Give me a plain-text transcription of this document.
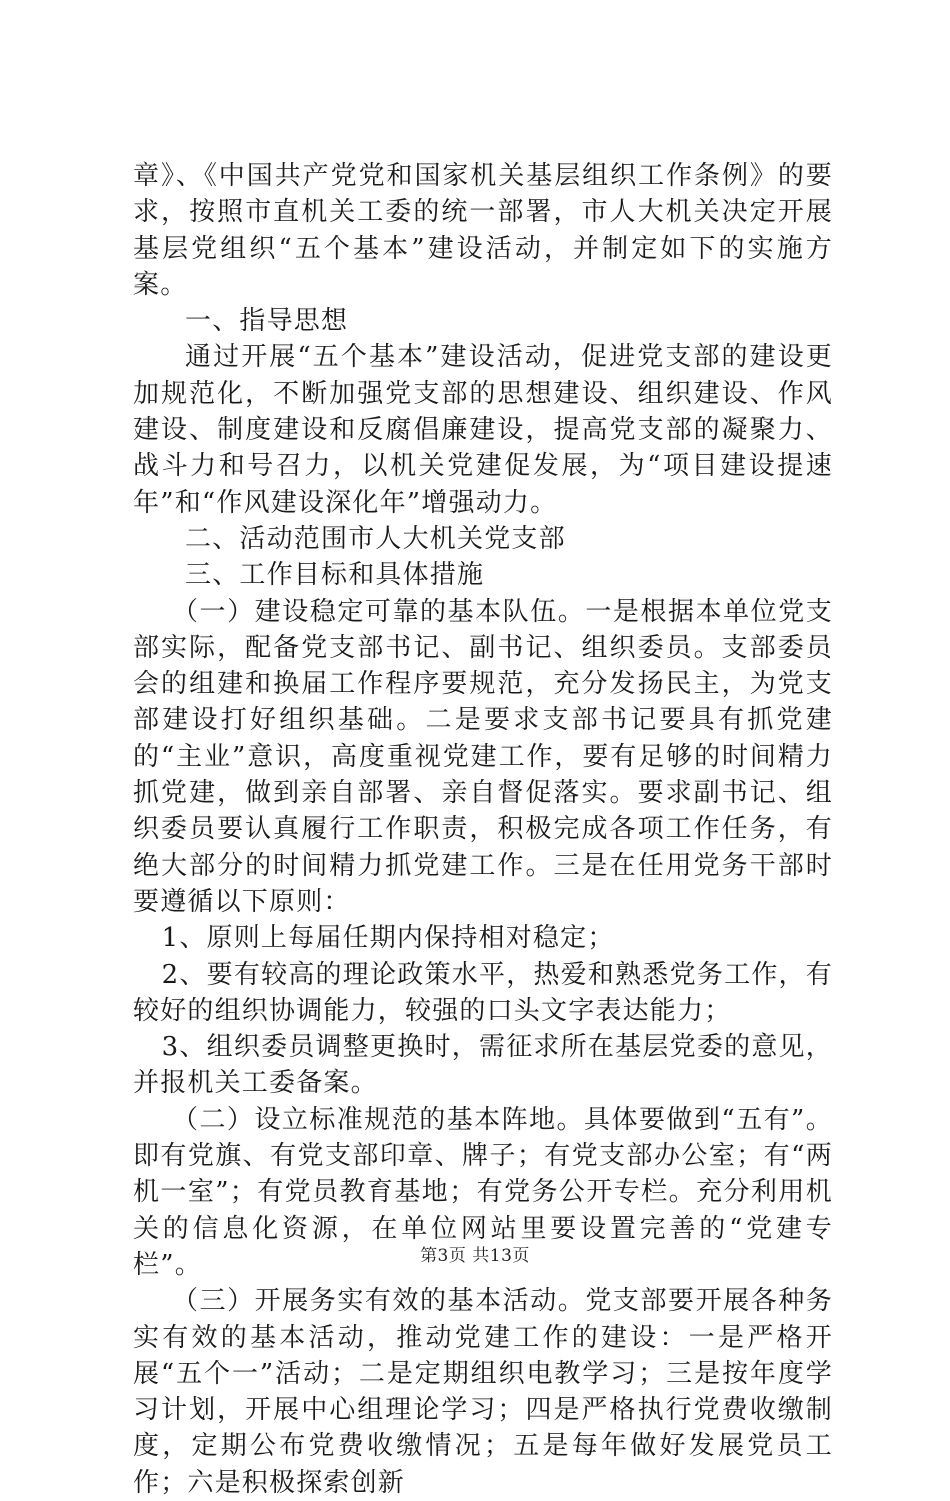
章》、《中国共产党党和国家机关基层组织工作条例》的要求，按照市直机关工委的统一部署，市人大机关决定开展基层党组织“五个基本”建设活动，并制定如下的实施方案。

一、指导思想

通过开展“五个基本”建设活动，促进党支部的建设更加规范化，不断加强党支部的思想建设、组织建设、作风建设、制度建设和反腐倡廉建设，提高党支部的凝聚力、战斗力和号召力，以机关党建促发展，为“项目建设提速年”和“作风建设深化年”增强动力。

二、活动范围市人大机关党支部

三、工作目标和具体措施

（一）建设稳定可靠的基本队伍。一是根据本单位党支部实际，配备党支部书记、副书记、组织委员。支部委员会的组建和换届工作程序要规范，充分发扬民主，为党支部建设打好组织基础。二是要求支部书记要具有抓党建的“主业”意识，高度重视党建工作，要有足够的时间精力抓党建，做到亲自部署、亲自督促落实。要求副书记、组织委员要认真履行工作职责，积极完成各项工作任务，有绝大部分的时间精力抓党建工作。三是在任用党务干部时要遵循以下原则：

1、原则上每届任期内保持相对稳定；

2、要有较高的理论政策水平，热爱和熟悉党务工作，有较好的组织协调能力，较强的口头文字表达能力；

3、组织委员调整更换时，需征求所在基层党委的意见，并报机关工委备案。

（二）设立标准规范的基本阵地。具体要做到“五有”。即有党旗、有党支部印章、牌子；有党支部办公室；有“两机一室”；有党员教育基地；有党务公开专栏。充分利用机关的信息化资源，在单位网站里要设置完善的“党建专栏”。

（三）开展务实有效的基本活动。党支部要开展各种务实有效的基本活动，推动党建工作的建设：一是严格开展“五个一”活动；二是定期组织电教学习；三是按年度学习计划，开展中心组理论学习；四是严格执行党费收缴制度，定期公布党费收缴情况；五是每年做好发展党员工作；六是积极探索创新

第3页 共13页
